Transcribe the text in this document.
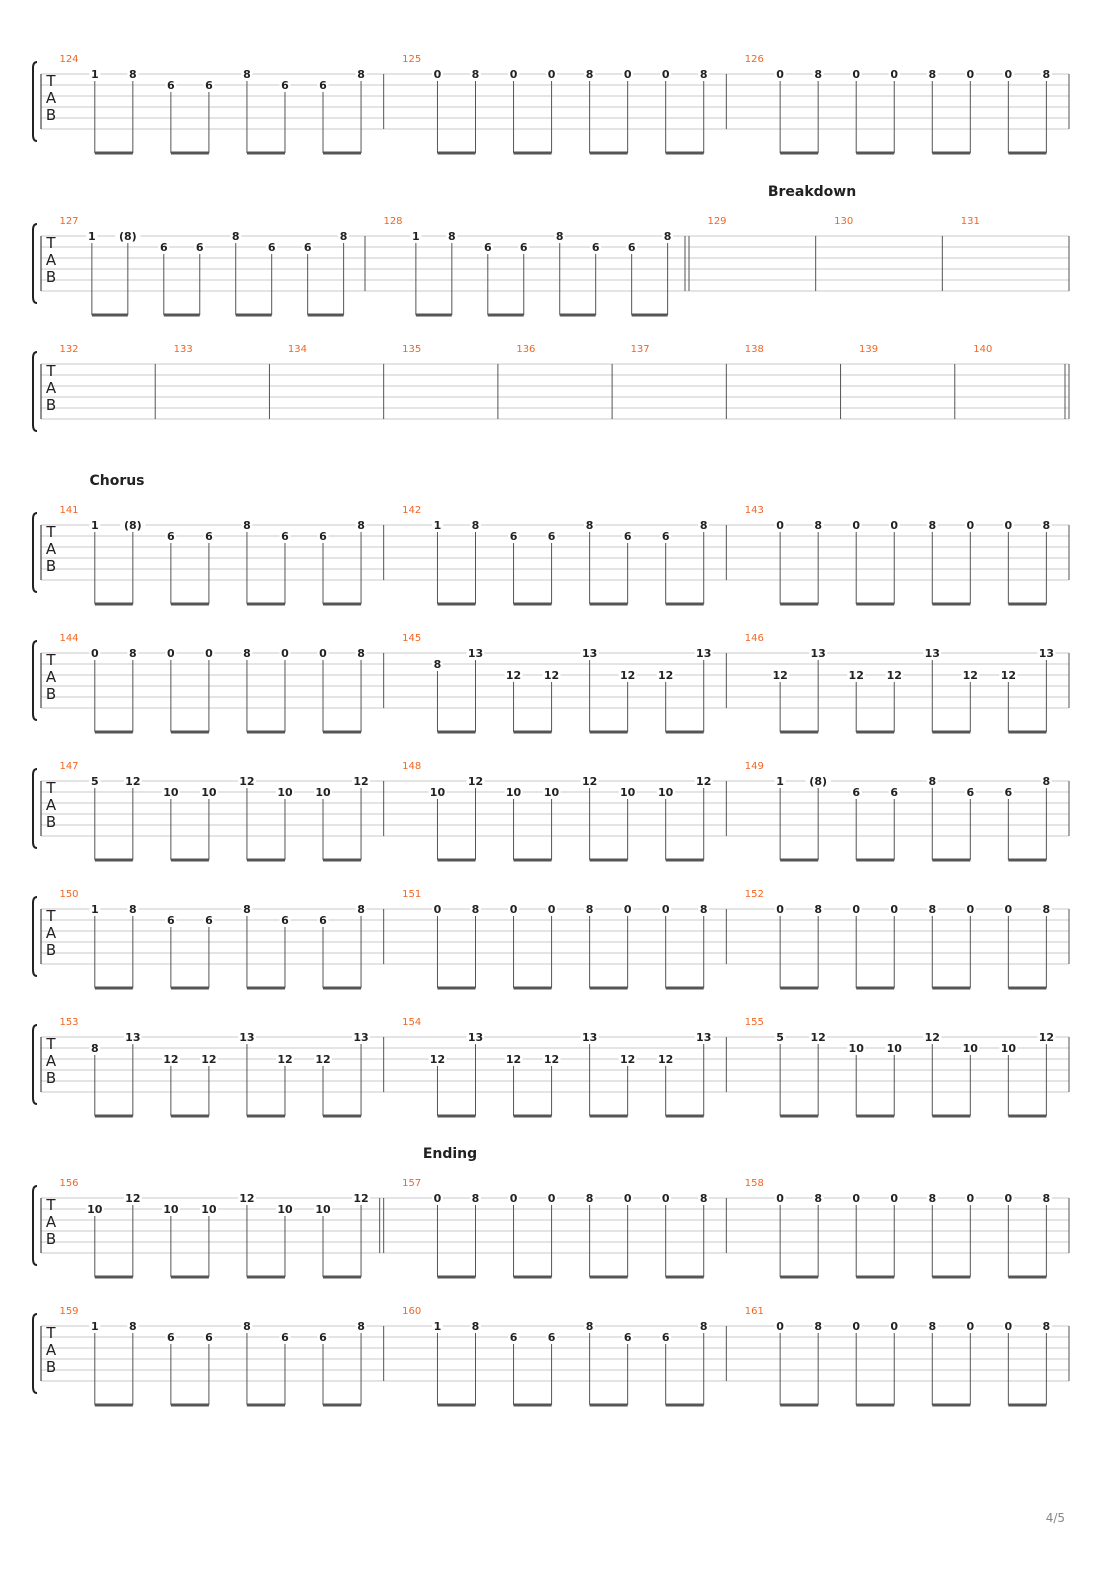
T
A
B
124
1	8
6	6
8
6	6
8
125
0	8	0	0	8	0	0	8
126
0	8	0	0	8	0	0	8
T
A
B
Breakdown
127
1 (8)
6	6
8
6	6
8
128
1	8
6	6
8
6	6
8
129	130	131
T
A
B
132	133	134	135	136	137	138	139	140
T
A
B
Chorus
141
1 (8)
6	6
8
6	6
8
142
1	8
6	6
8
6	6
8
143
0	8	0	0	8	0	0	8
T
A
B
144
0	8	0	0	8	0	0	8
145
8
13
12 12
13
12 12
13
146
12
13
12 12
13
12 12
13
T
A
B
147
5 12
10 10
12
10 10
12
148
10
12
10 10
12
10 10
12
149
1 (8)
6	6
8
6	6
8
T
A
B
150
1	8
6	6
8
6	6
8
151
0	8	0	0	8	0	0	8
152
0	8	0	0	8	0	0	8
T
A
B
153
8
13
12 12
13
12 12
13
154
12
13
12 12
13
12 12
13
155
5 12
10 10
12
10 10
12
T
A
B
Ending
156
10
12
10 10
12
10 10
12
157
0	8	0	0	8	0	0	8
158
0	8	0	0	8	0	0	8
T
A
B
159
1	8
6	6
8
6	6
8
160
1	8
6	6
8
6	6
8
161
0	8	0	0	8	0	0	8
4/5
